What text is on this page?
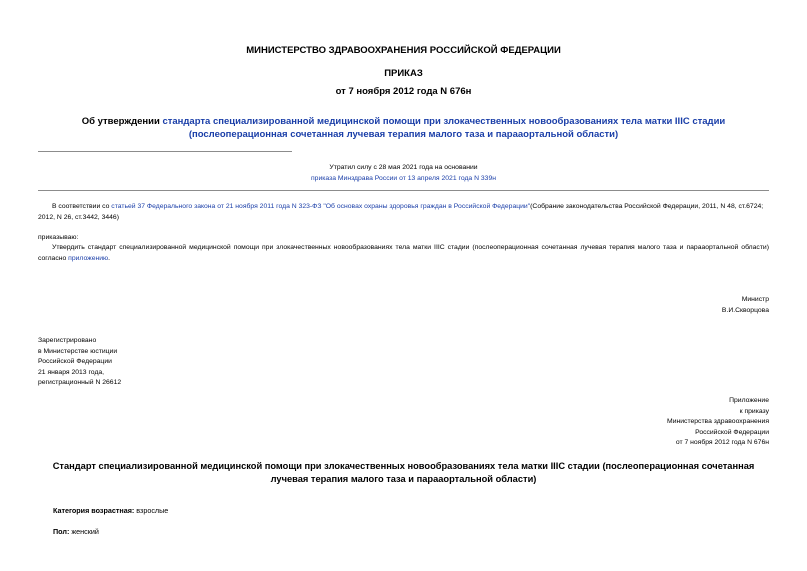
МИНИСТЕРСТВО ЗДРАВООХРАНЕНИЯ РОССИЙСКОЙ ФЕДЕРАЦИИ
ПРИКАЗ
от 7 ноября 2012 года N 676н
Об утверждении стандарта специализированной медицинской помощи при злокачественных новообразованиях тела матки IIIC стадии (послеоперационная сочетанная лучевая терапия малого таза и парааортальной области)
Утратил силу с 28 мая 2021 года на основании
приказа Минздрава России от 13 апреля 2021 года N 339н
В соответствии со статьей 37 Федерального закона от 21 ноября 2011 года N 323-ФЗ "Об основах охраны здоровья граждан в Российской Федерации"(Собрание законодательства Российской Федерации, 2011, N 48, ст.6724; 2012, N 26, ст.3442, 3446)
приказываю:
Утвердить стандарт специализированной медицинской помощи при злокачественных новообразованиях тела матки IIIC стадии (послеоперационная сочетанная лучевая терапия малого таза и парааортальной области) согласно приложению.
Министр
В.И.Скворцова
Зарегистрировано
в Министерстве юстиции
Российской Федерации
21 января 2013 года,
регистрационный N 26612
Приложение
к приказу
Министерства здравоохранения
Российской Федерации
от 7 ноября 2012 года N 676н
Стандарт специализированной медицинской помощи при злокачественных новообразованиях тела матки IIIC стадии (послеоперационная сочетанная лучевая терапия малого таза и парааортальной области)
Категория возрастная: взрослые
Пол: женский
